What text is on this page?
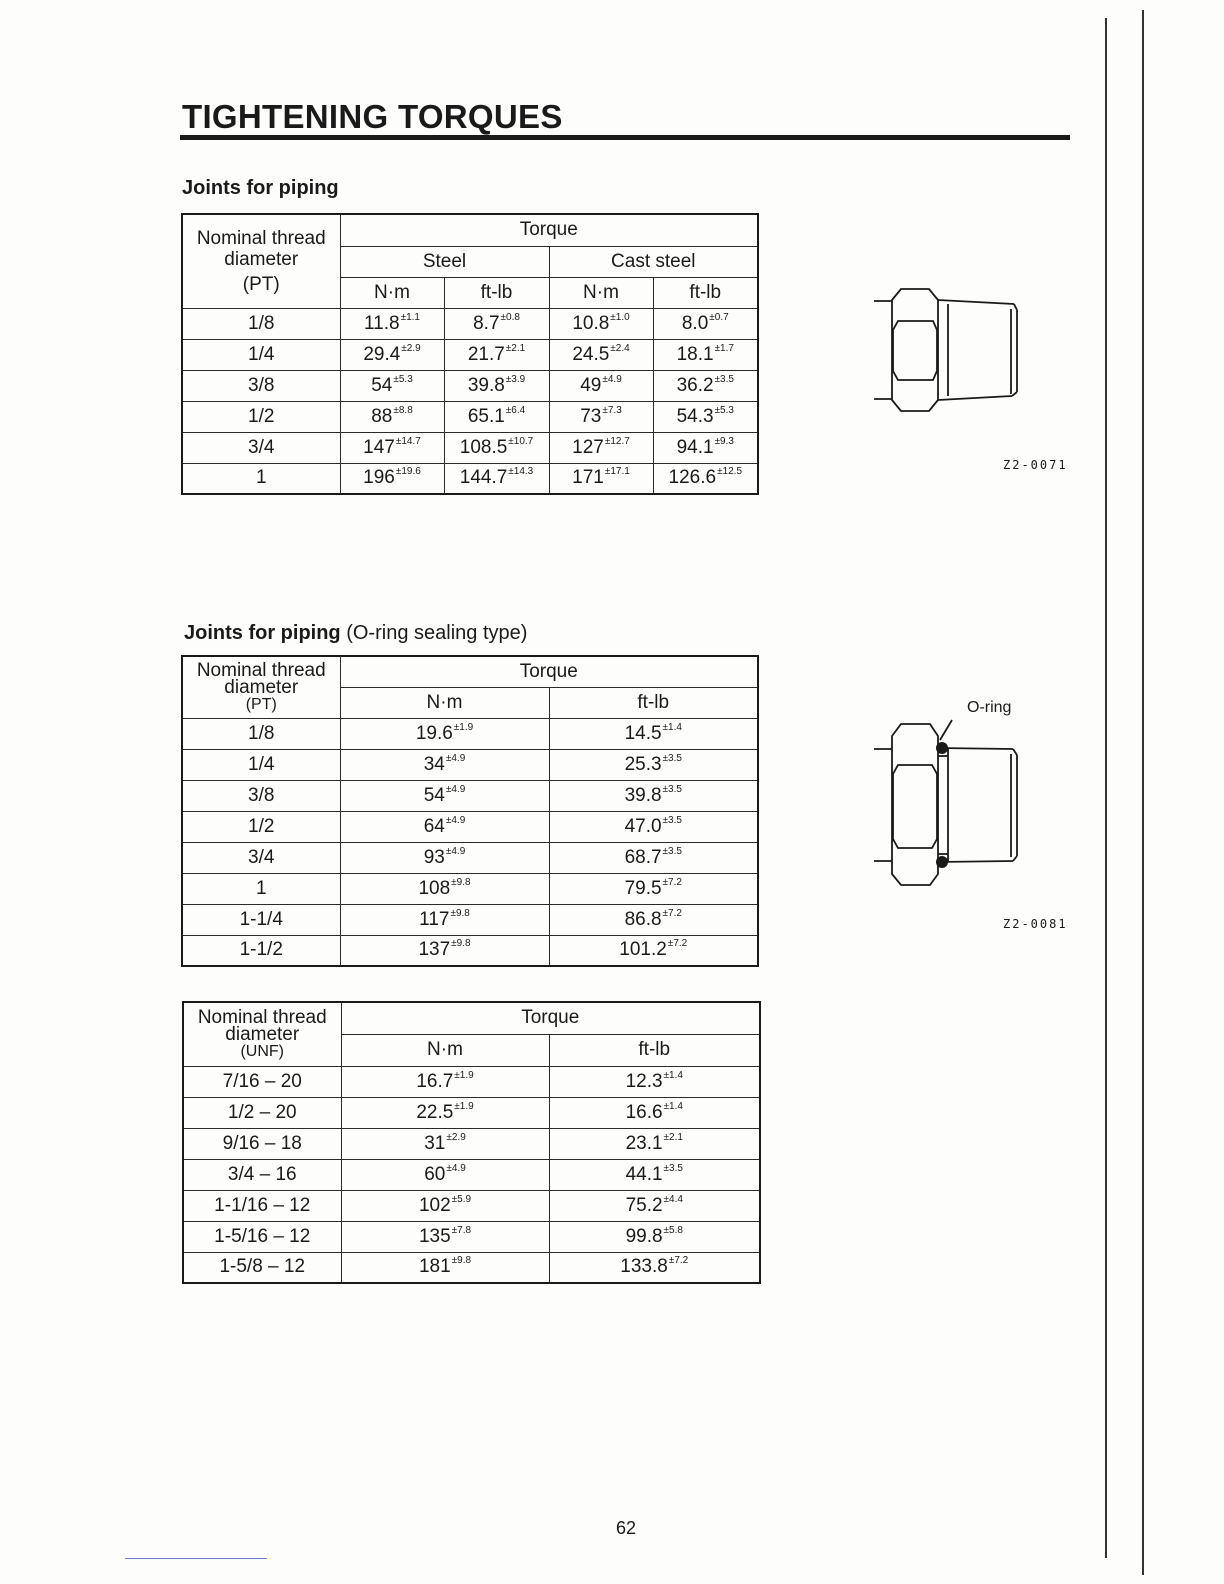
TIGHTENING TORQUES
Joints for piping
Nominal thread
diameter
(PT)	Torque			
	Steel		Cast steel	
	N·m	ft-lb	N·m	ft-lb
1/8	$11.8^{\pm 1.1}$	$8.7^{\pm 0.8}$	$10.8^{\pm 1.0}$	$8.0^{\pm 0.7}$
1/4	$29.4^{\pm 2.9}$	$21.7^{\pm 2.1}$	$24.5^{\pm 2.4}$	$18.1^{\pm 1.7}$
3/8	$54^{\pm 5.3}$	$39.8^{\pm 3.9}$	$49^{\pm 4.9}$	$36.2^{\pm 3.5}$
1/2	$88^{\pm 8.8}$	$65.1^{\pm 6.4}$	$73^{\pm 7.3}$	$54.3^{\pm 5.3}$
3/4	$147^{\pm 14.7}$	$108.5^{\pm 10.7}$	$127^{\pm 12.7}$	$94.1^{\pm 9.3}$
1	$196^{\pm 19.6}$	$144.7^{\pm 14.3}$	$171^{\pm 17.1}$	$126.6^{\pm 12.5}$	Z2-0071
Joints for piping (O-ring sealing type)
Nominal thread
diameter
(PT)	Torque	
	N·m	ft-lb
1/8	$19.6^{\pm 1.9}$	$14.5^{\pm 1.4}$
1/4	$34^{\pm 4.9}$	$25.3^{\pm 3.5}$
3/8	$54^{\pm 4.9}$	$39.8^{\pm 3.5}$
1/2	$64^{\pm 4.9}$	$47.0^{\pm 3.5}$
3/4	$93^{\pm 4.9}$	$68.7^{\pm 3.5}$
1	$108^{\pm 9.8}$	$79.5^{\pm 7.2}$
1-1/4	$117^{\pm 9.8}$	$86.8^{\pm 7.2}$
1-1/2	$137^{\pm 9.8}$	$101.2^{\pm 7.2}$
O-ring
Z2-0081
Nominal thread
diameter
(UNF)	Torque	
	N·m	ft-lb
7/16 – 20	$16.7^{\pm 1.9}$	$12.3^{\pm 1.4}$
1/2 – 20	$22.5^{\pm 1.9}$	$16.6^{\pm 1.4}$
9/16 – 18	$31^{\pm 2.9}$	$23.1^{\pm 2.1}$
3/4 – 16	$60^{\pm 4.9}$	$44.1^{\pm 3.5}$
1-1/16 – 12	$102^{\pm 5.9}$	$75.2^{\pm 4.4}$
1-5/16 – 12	$135^{\pm 7.8}$	$99.8^{\pm 5.8}$
1-5/8 – 12	$181^{\pm 9.8}$	$133.8^{\pm 7.2}$
62
